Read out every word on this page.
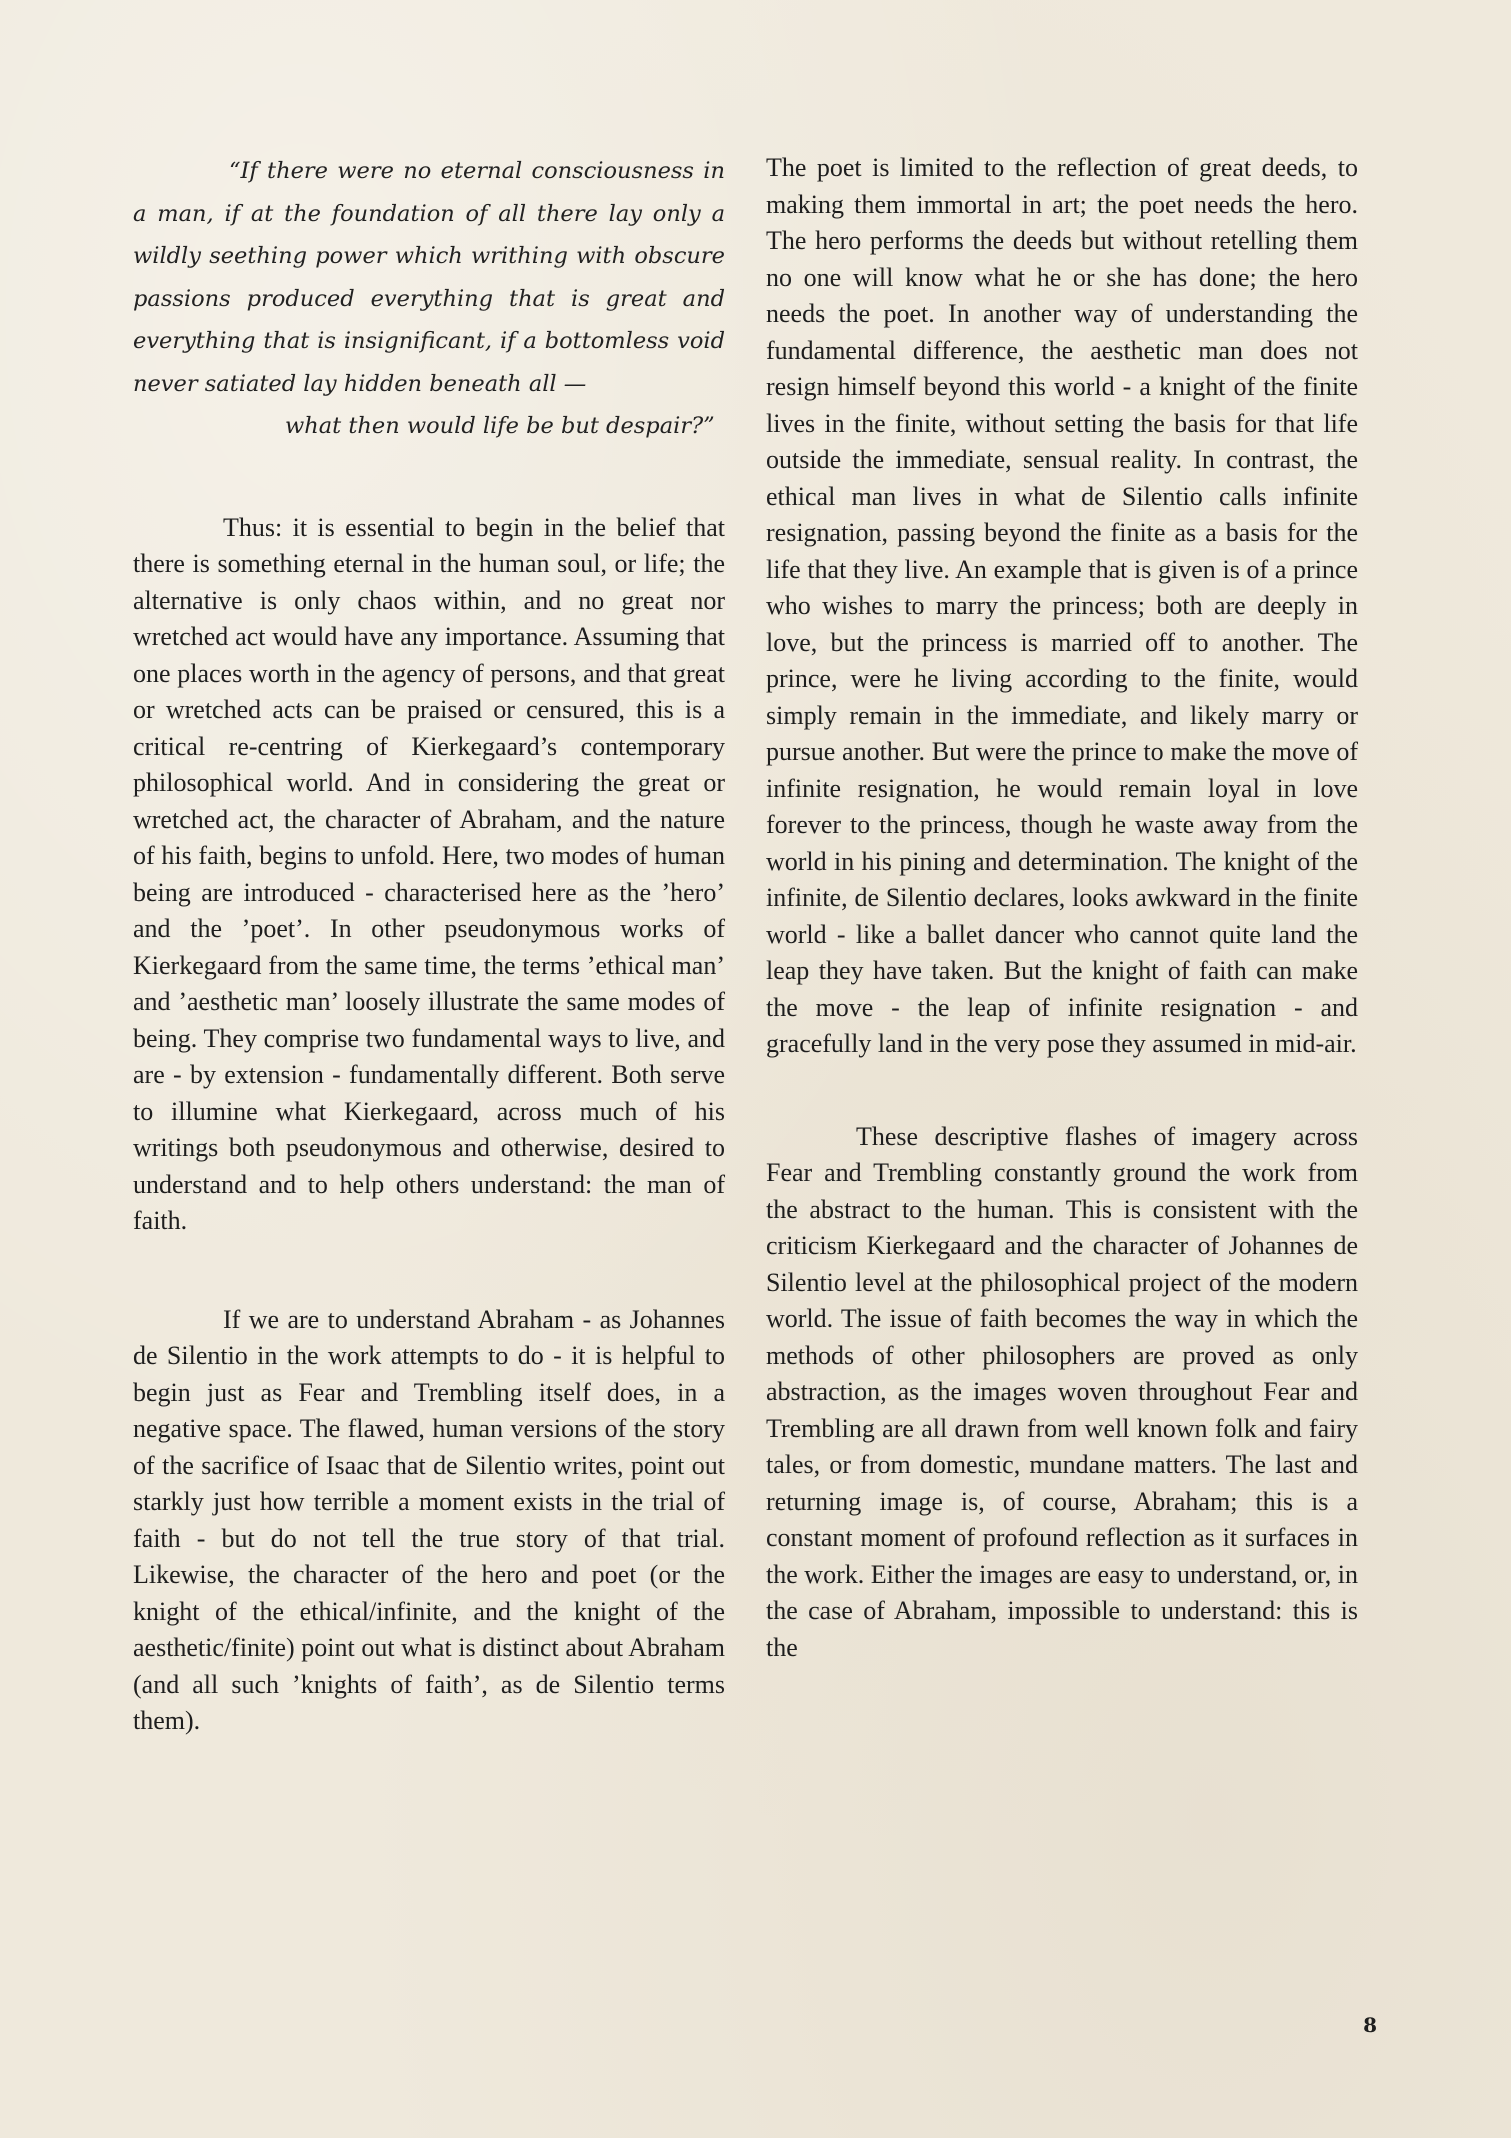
“If there were no eternal consciousness in a man, if at the foundation of all there lay only a wildly seething power which writhing with obscure passions produced everything that is great and everything that is insignificant, if a bottomless void never satiated lay hidden beneath all —
what then would life be but despair?”

Thus: it is essential to begin in the belief that there is something eternal in the human soul, or life; the alternative is only chaos within, and no great nor wretched act would have any importance. Assuming that one places worth in the agency of persons, and that great or wretched acts can be praised or censured, this is a critical re-centring of Kierkegaard’s contemporary philosophical world. And in considering the great or wretched act, the character of Abraham, and the nature of his faith, begins to unfold. Here, two modes of human being are introduced - characterised here as the ’hero’ and the ’poet’. In other pseudonymous works of Kierkegaard from the same time, the terms ’ethical man’ and ’aesthetic man’ loosely illustrate the same modes of being. They comprise two fundamental ways to live, and are - by extension - fundamentally different. Both serve to illumine what Kierkegaard, across much of his writings both pseudonymous and otherwise, desired to understand and to help others understand: the man of faith.

If we are to understand Abraham - as Johannes de Silentio in the work attempts to do - it is helpful to begin just as Fear and Trembling itself does, in a negative space. The flawed, human versions of the story of the sacrifice of Isaac that de Silentio writes, point out starkly just how terrible a moment exists in the trial of faith - but do not tell the true story of that trial. Likewise, the character of the hero and poet (or the knight of the ethical/infinite, and the knight of the aesthetic/finite) point out what is distinct about Abraham (and all such ’knights of faith’, as de Silentio terms them).

The poet is limited to the reflection of great deeds, to making them immortal in art; the poet needs the hero. The hero performs the deeds but without retelling them no one will know what he or she has done; the hero needs the poet. In another way of understanding the fundamental difference, the aesthetic man does not resign himself beyond this world - a knight of the finite lives in the finite, without setting the basis for that life outside the immediate, sensual reality. In contrast, the ethical man lives in what de Silentio calls infinite resignation, passing beyond the finite as a basis for the life that they live. An example that is given is of a prince who wishes to marry the princess; both are deeply in love, but the princess is married off to another. The prince, were he living according to the finite, would simply remain in the immediate, and likely marry or pursue another. But were the prince to make the move of infinite resignation, he would remain loyal in love forever to the princess, though he waste away from the world in his pining and determination. The knight of the infinite, de Silentio declares, looks awkward in the finite world - like a ballet dancer who cannot quite land the leap they have taken. But the knight of faith can make the move - the leap of infinite resignation - and gracefully land in the very pose they assumed in mid-air.

These descriptive flashes of imagery across Fear and Trembling constantly ground the work from the abstract to the human. This is consistent with the criticism Kierkegaard and the character of Johannes de Silentio level at the philosophical project of the modern world. The issue of faith becomes the way in which the methods of other philosophers are proved as only abstraction, as the images woven throughout Fear and Trembling are all drawn from well known folk and fairy tales, or from domestic, mundane matters. The last and returning image is, of course, Abraham; this is a constant moment of profound reflection as it surfaces in the work. Either the images are easy to understand, or, in the case of Abraham, impossible to understand: this is the

8
